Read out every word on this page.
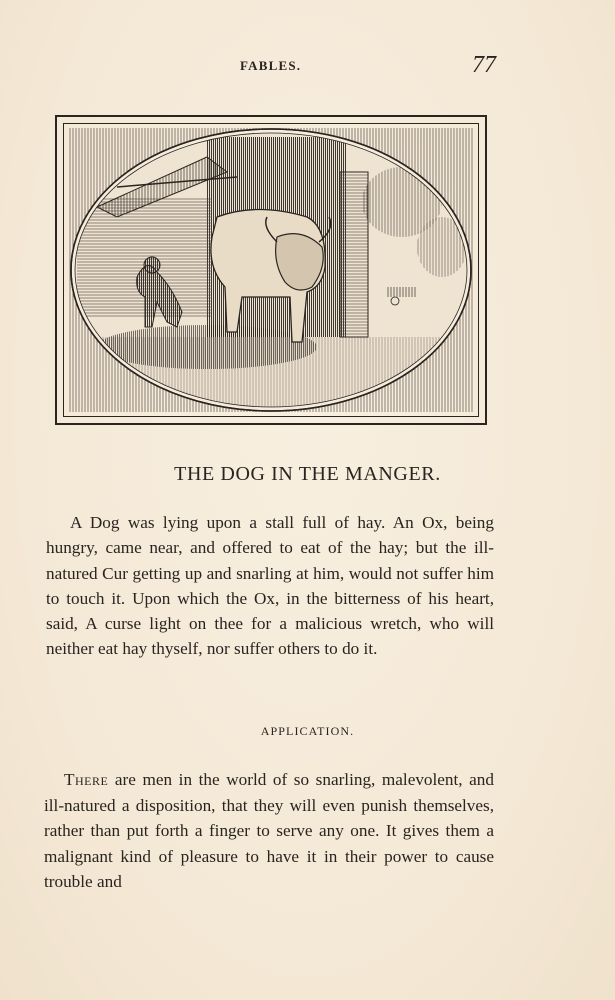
FABLES.	77
THE DOG IN THE MANGER.

A Dog was lying upon a stall full of hay. An Ox, being hungry, came near, and offered to eat of the hay; but the ill-natured Cur getting up and snarling at him, would not suffer him to touch it. Upon which the Ox, in the bitterness of his heart, said, A curse light on thee for a malicious wretch, who will neither eat hay thyself, nor suffer others to do it.

APPLICATION.

There are men in the world of so snarling, malevolent, and ill-natured a disposition, that they will even punish themselves, rather than put forth a finger to serve any one. It gives them a malignant kind of pleasure to have it in their power to cause trouble and
